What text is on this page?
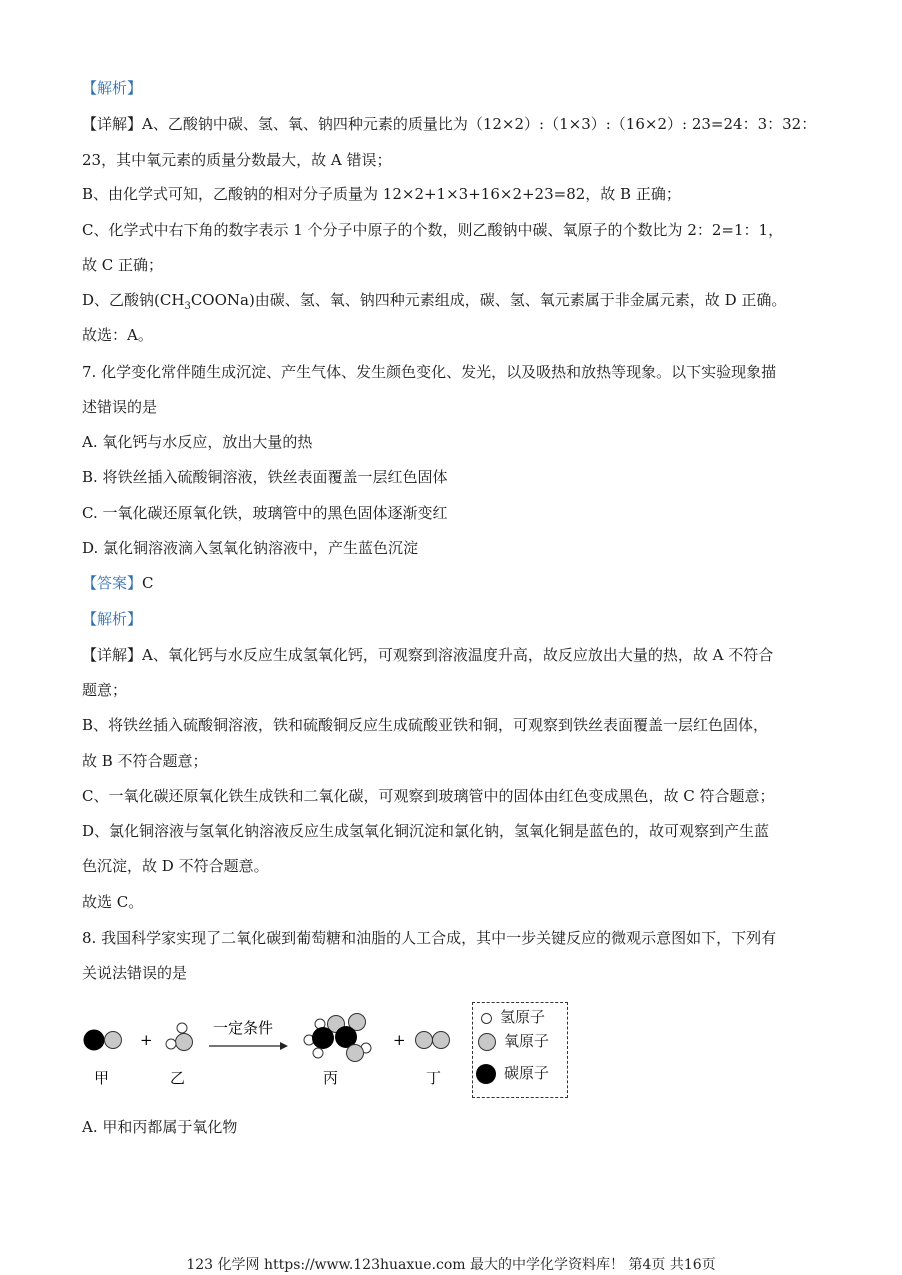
【解析】
【详解】A、乙酸钠中碳、氢、氧、钠四种元素的质量比为（12×2）:（1×3）:（16×2）: 23=24：3：32：
23，其中氧元素的质量分数最大，故 A 错误；
B、由化学式可知，乙酸钠的相对分子质量为 12×2+1×3+16×2+23=82，故 B 正确；
C、化学式中右下角的数字表示 1 个分子中原子的个数，则乙酸钠中碳、氧原子的个数比为 2：2=1：1，
故 C 正确；
D、乙酸钠$(CH_3COONa)$由碳、氢、氧、钠四种元素组成，碳、氢、氧元素属于非金属元素，故 D 正确。
故选：A。
7. 化学变化常伴随生成沉淀、产生气体、发生颜色变化、发光，以及吸热和放热等现象。以下实验现象描
述错误的是
A. 氧化钙与水反应，放出大量的热
B. 将铁丝插入硫酸铜溶液，铁丝表面覆盖一层红色固体
C. 一氧化碳还原氧化铁，玻璃管中的黑色固体逐渐变红
D. 氯化铜溶液滴入氢氧化钠溶液中，产生蓝色沉淀
【答案】C
【解析】
【详解】A、氧化钙与水反应生成氢氧化钙，可观察到溶液温度升高，故反应放出大量的热，故 A 不符合
题意；
B、将铁丝插入硫酸铜溶液，铁和硫酸铜反应生成硫酸亚铁和铜，可观察到铁丝表面覆盖一层红色固体，
故 B 不符合题意；
C、一氧化碳还原氧化铁生成铁和二氧化碳，可观察到玻璃管中的固体由红色变成黑色，故 C 符合题意；
D、氯化铜溶液与氢氧化钠溶液反应生成氢氧化铜沉淀和氯化钠，氢氧化铜是蓝色的，故可观察到产生蓝
色沉淀，故 D 不符合题意。
故选 C。
8. 我国科学家实现了二氧化碳到葡萄糖和油脂的人工合成，其中一步关键反应的微观示意图如下，下列有
关说法错误的是
+
一定条件
+
甲	乙	丙	丁
氢原子
氧原子
碳原子
A. 甲和丙都属于氧化物
123 化学网 https://www.123huaxue.com 最大的中学化学资料库！ 第4页 共16页
